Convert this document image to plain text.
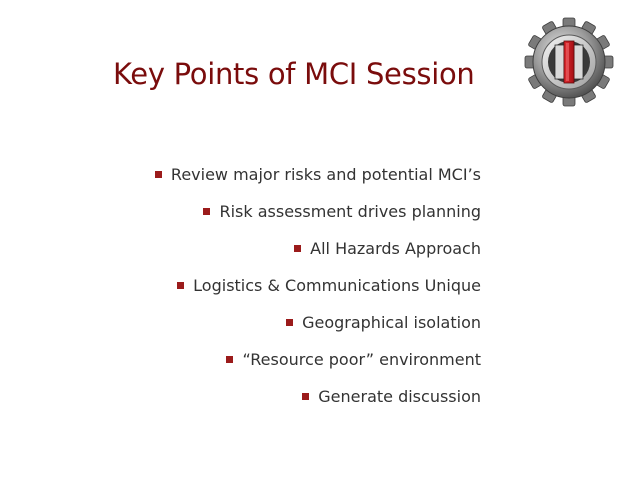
Key Points of MCI Session
Review major risks and potential MCI’s
Risk assessment drives planning
All Hazards Approach
Logistics & Communications Unique
Geographical isolation
“Resource poor” environment
Generate discussion
